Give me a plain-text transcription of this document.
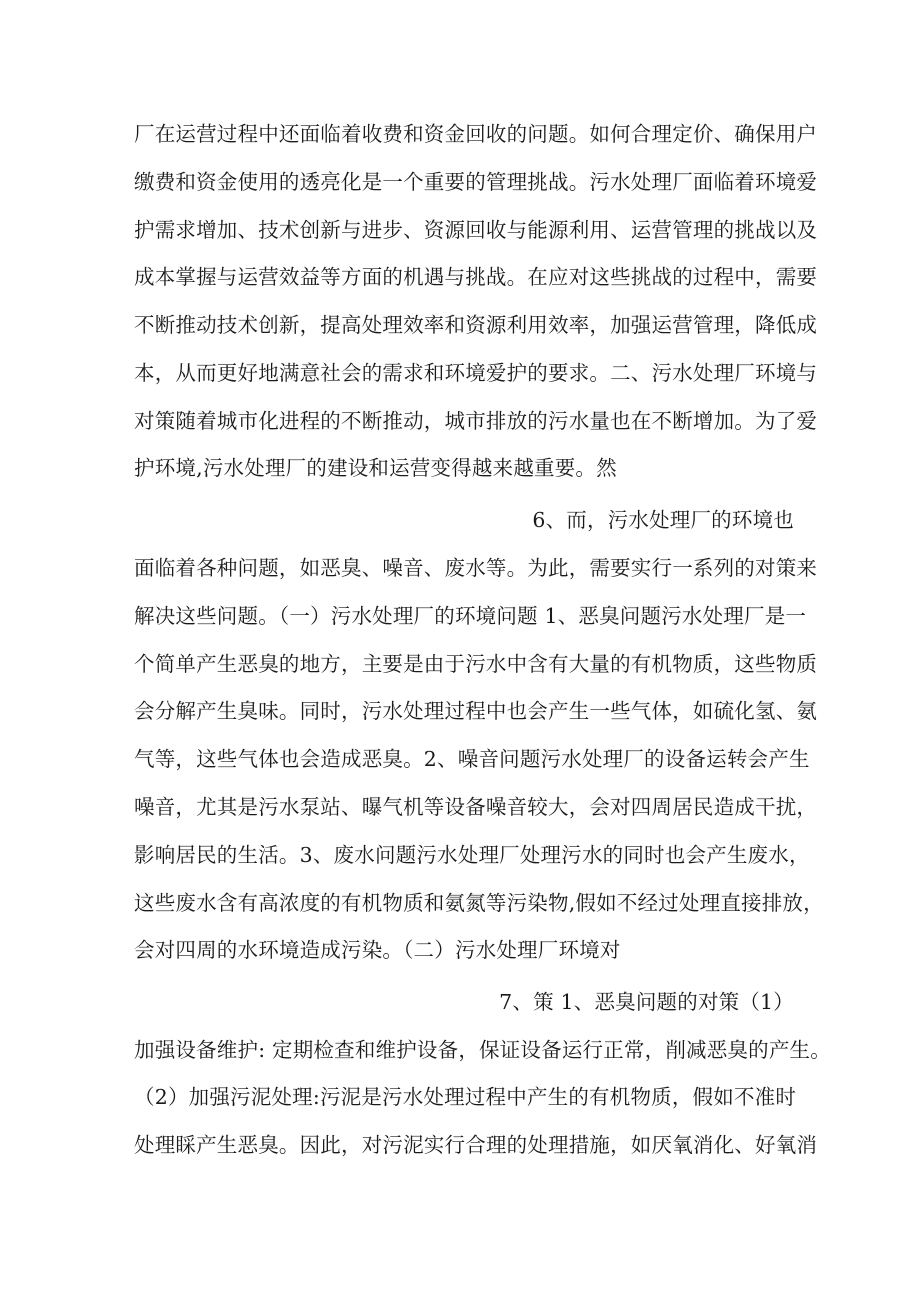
厂在运营过程中还面临着收费和资金回收的问题。如何合理定价、确保用户
缴费和资金使用的透亮化是一个重要的管理挑战。污水处理厂面临着环境爱
护需求增加、技术创新与进步、资源回收与能源利用、运营管理的挑战以及
成本掌握与运营效益等方面的机遇与挑战。在应对这些挑战的过程中，需要
不断推动技术创新，提高处理效率和资源利用效率，加强运营管理，降低成
本，从而更好地满意社会的需求和环境爱护的要求。二、污水处理厂环境与
对策随着城市化进程的不断推动，城市排放的污水量也在不断增加。为了爱
护环境,污水处理厂的建设和运营变得越来越重要。然
6、而，污水处理厂的环境也
面临着各种问题，如恶臭、噪音、废水等。为此，需要实行一系列的对策来
解决这些问题。（一）污水处理厂的环境问题 1、恶臭问题污水处理厂是一
个简单产生恶臭的地方，主要是由于污水中含有大量的有机物质，这些物质
会分解产生臭味。同时，污水处理过程中也会产生一些气体，如硫化氢、氨
气等，这些气体也会造成恶臭。2、噪音问题污水处理厂的设备运转会产生
噪音，尤其是污水泵站、曝气机等设备噪音较大，会对四周居民造成干扰，
影响居民的生活。3、废水问题污水处理厂处理污水的同时也会产生废水，
这些废水含有高浓度的有机物质和氨氮等污染物,假如不经过处理直接排放，
会对四周的水环境造成污染。（二）污水处理厂环境对
7、策 1、恶臭问题的对策（1）
加强设备维护: 定期检查和维护设备，保证设备运行正常，削减恶臭的产生。
（2）加强污泥处理:污泥是污水处理过程中产生的有机物质，假如不准时
处理睬产生恶臭。因此，对污泥实行合理的处理措施，如厌氧消化、好氧消
